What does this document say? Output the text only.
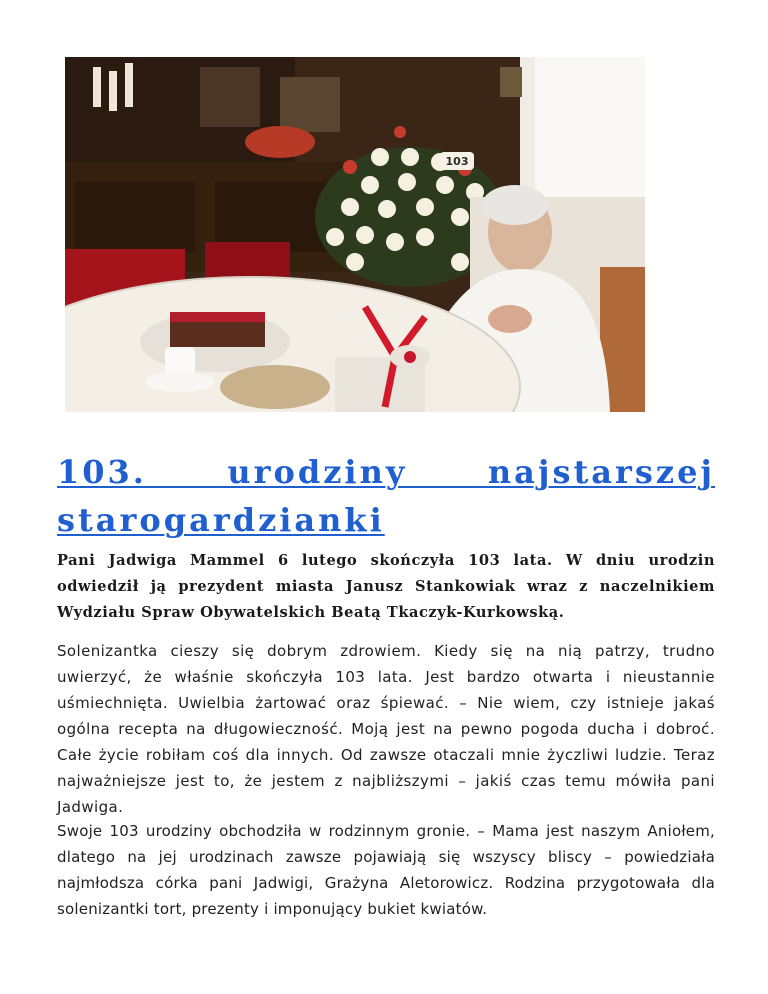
103
103. urodziny najstarszej starogardzianki

Pani Jadwiga Mammel 6 lutego skończyła 103 lata. W dniu urodzin odwiedził ją prezydent miasta Janusz Stankowiak wraz z naczelnikiem Wydziału Spraw Obywatelskich Beatą Tkaczyk-Kurkowską.

Solenizantka cieszy się dobrym zdrowiem. Kiedy się na nią patrzy, trudno uwierzyć, że właśnie skończyła 103 lata. Jest bardzo otwarta i nieustannie uśmiechnięta. Uwielbia żartować oraz śpiewać. – Nie wiem, czy istnieje jakaś ogólna recepta na długowieczność. Moją jest na pewno pogoda ducha i dobroć. Całe życie robiłam coś dla innych. Od zawsze otaczali mnie życzliwi ludzie. Teraz najważniejsze jest to, że jestem z najbliższymi – jakiś czas temu mówiła pani Jadwiga.

Swoje 103 urodziny obchodziła w rodzinnym gronie. – Mama jest naszym Aniołem, dlatego na jej urodzinach zawsze pojawiają się wszyscy bliscy – powiedziała najmłodsza córka pani Jadwigi, Grażyna Aletorowicz. Rodzina przygotowała dla solenizantki tort, prezenty i imponujący bukiet kwiatów.
